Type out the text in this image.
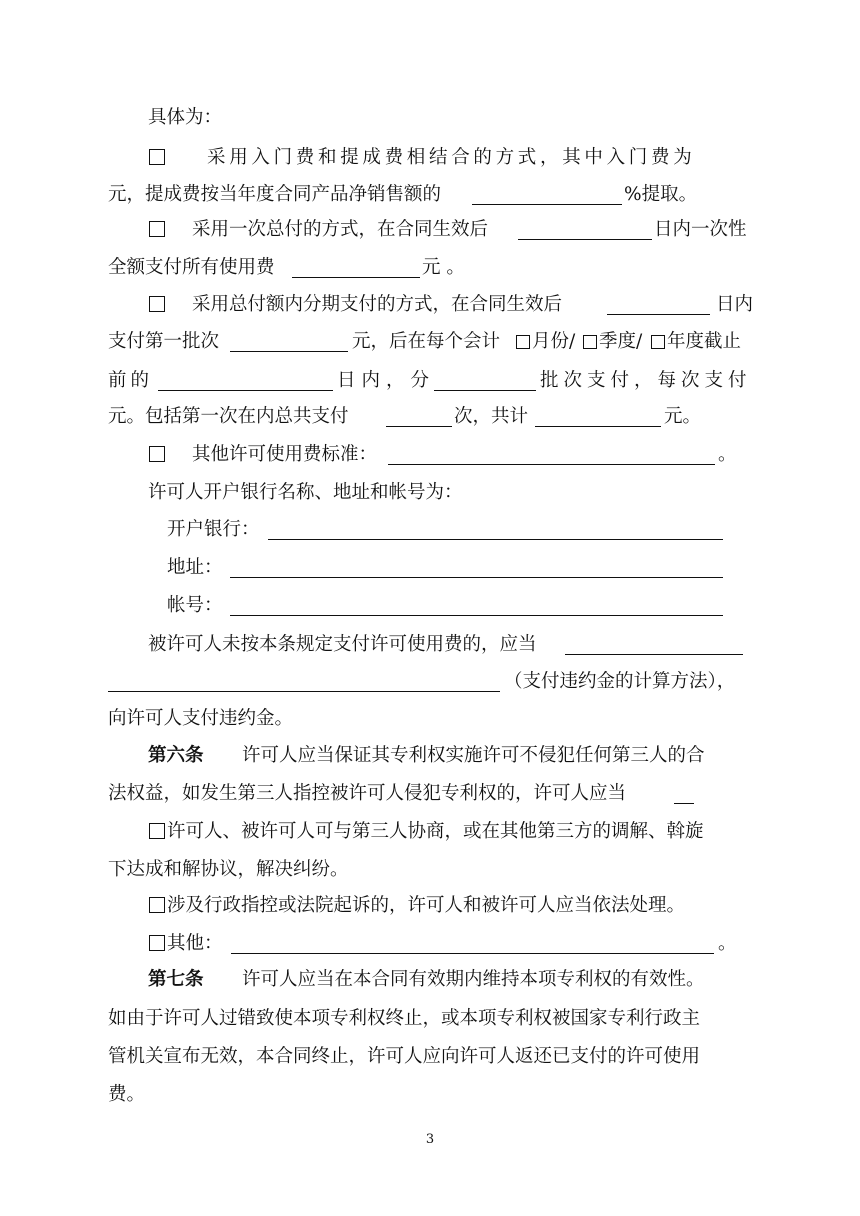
具体为：
采用入门费和提成费相结合的方式，其中入门费为
元，提成费按当年度合同产品净销售额的	%提取。
采用一次总付的方式，在合同生效后	日内一次性
全额支付所有使用费	元 。
采用总付额内分期支付的方式，在合同生效后	日内
支付第一批次	元，后在每个会计 月份/ 季度/ 年度截止
前的	日内，分	批次支付，每次支付
元。包括第一次在内总共支付	次，共计	元。
其他许可使用费标准：	。
许可人开户银行名称、地址和帐号为：
开户银行：
地址：
帐号：
被许可人未按本条规定支付许可使用费的，应当
（支付违约金的计算方法），
向许可人支付违约金。
第六条 许可人应当保证其专利权实施许可不侵犯任何第三人的合
法权益，如发生第三人指控被许可人侵犯专利权的，许可人应当
许可人、被许可人可与第三人协商，或在其他第三方的调解、斡旋
下达成和解协议，解决纠纷。
涉及行政指控或法院起诉的，许可人和被许可人应当依法处理。
其他：	。
第七条 许可人应当在本合同有效期内维持本项专利权的有效性。
如由于许可人过错致使本项专利权终止，或本项专利权被国家专利行政主
管机关宣布无效，本合同终止，许可人应向许可人返还已支付的许可使用
费。
3
